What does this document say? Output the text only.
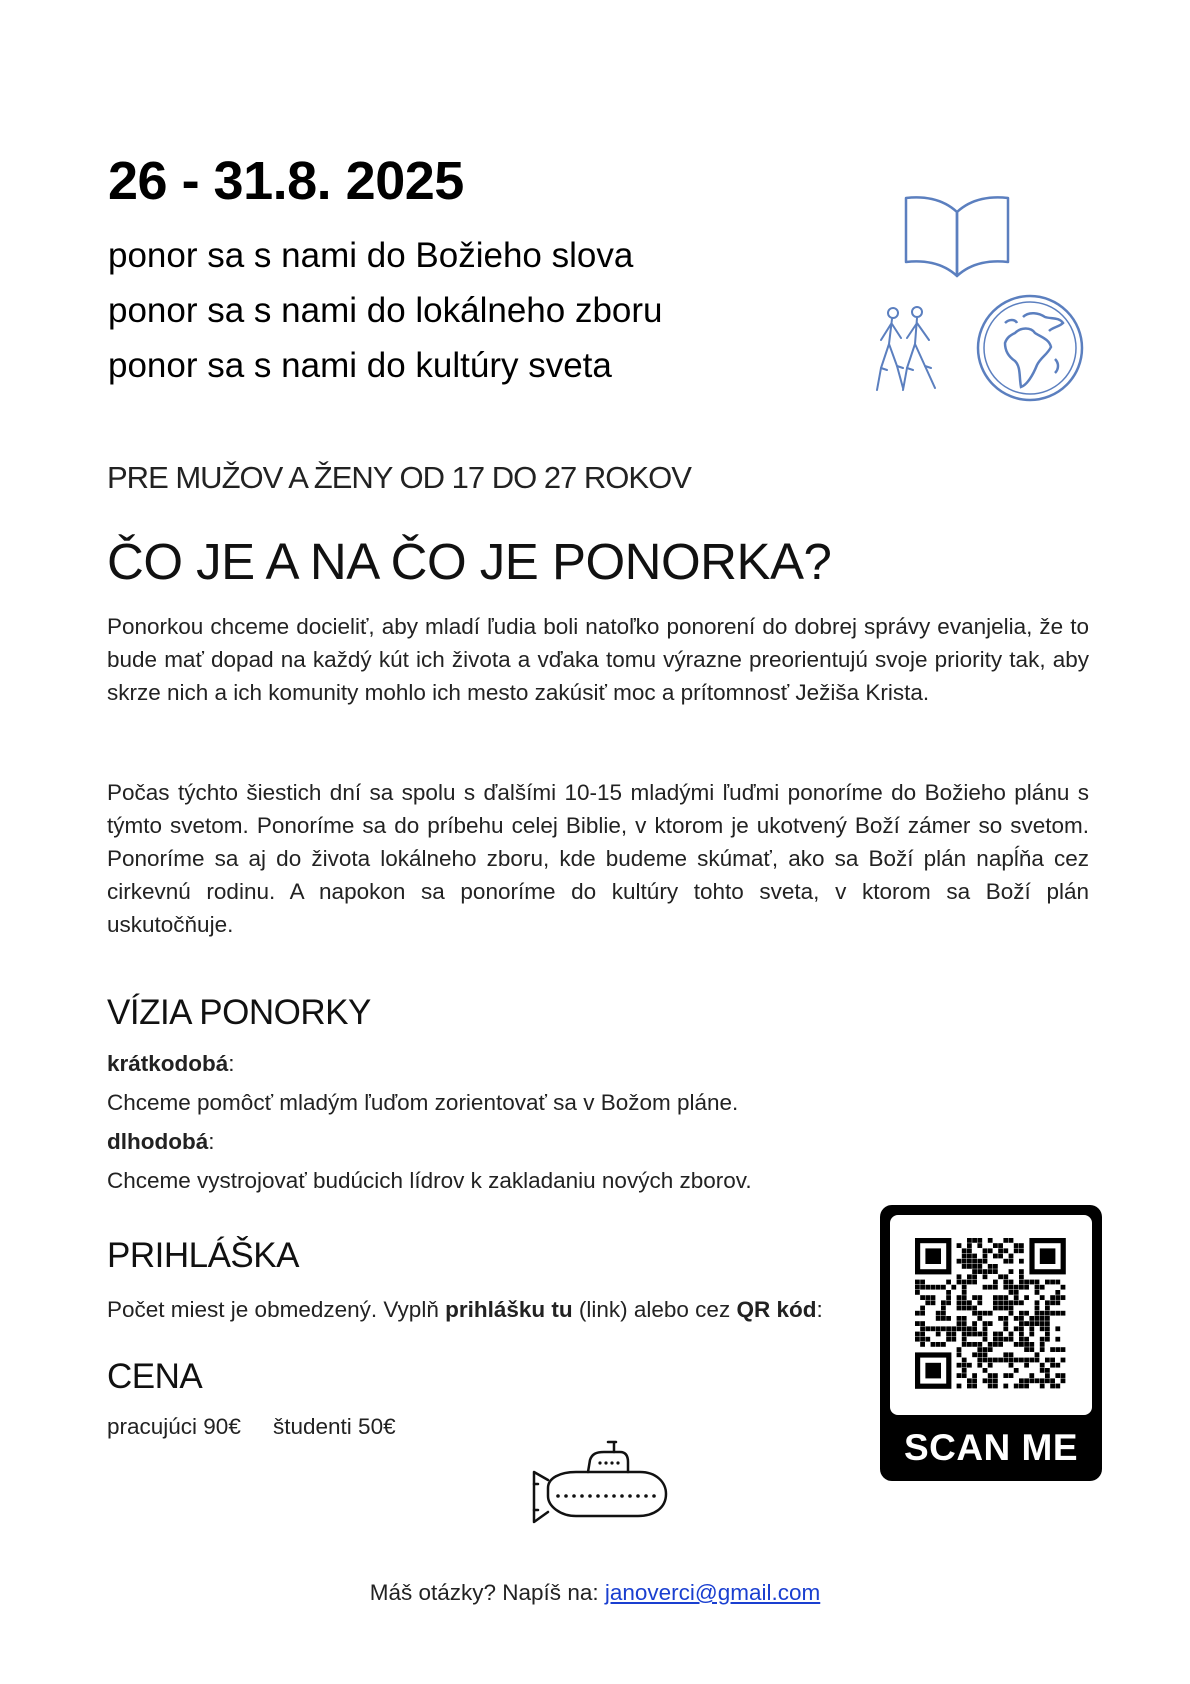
26 - 31.8. 2025
ponor sa s nami do Božieho slova
ponor sa s nami do lokálneho zboru
ponor sa s nami do kultúry sveta
PRE MUŽOV A ŽENY OD 17 DO 27 ROKOV
ČO JE A NA ČO JE PONORKA?
Ponorkou chceme docieliť, aby mladí ľudia boli natoľko ponorení do dobrej správy evanjelia, že to bude mať dopad na každý kút ich života a vďaka tomu výrazne preorientujú svoje priority tak, aby skrze nich a ich komunity mohlo ich mesto zakúsiť moc a prítomnosť Ježiša Krista.
Počas týchto šiestich dní sa spolu s ďalšími 10-15 mladými ľuďmi ponoríme do Božieho plánu s týmto svetom. Ponoríme sa do príbehu celej Biblie, v ktorom je ukotvený Boží zámer so svetom. Ponoríme sa aj do života lokálneho zboru, kde budeme skúmať, ako sa Boží plán napĺňa cez cirkevnú rodinu. A napokon sa ponoríme do kultúry tohto sveta, v ktorom sa Boží plán uskutočňuje.
VÍZIA PONORKY
krátkodobá:
Chceme pomôcť mladým ľuďom zorientovať sa v Božom pláne.
dlhodobá:
Chceme vystrojovať budúcich lídrov k zakladaniu nových zborov.
PRIHLÁŠKA
Počet miest je obmedzený. Vyplň prihlášku tu (link) alebo cez QR kód:
CENA
pracujúci 90€ študenti 50€
SCAN ME
Máš otázky? Napíš na: janoverci@gmail.com
